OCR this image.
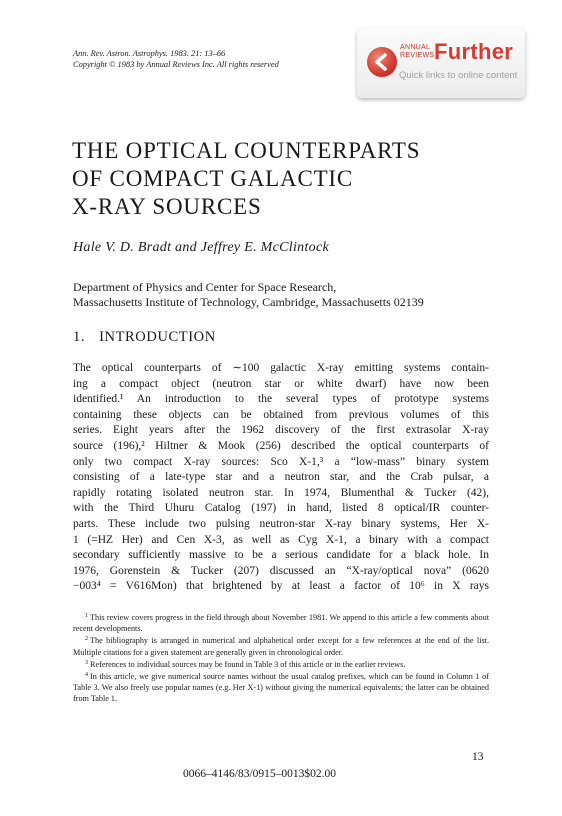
Ann. Rev. Astron. Astrophys. 1983. 21: 13–66
Copyright © 1983 by Annual Reviews Inc. All rights reserved
ANNUAL
REVIEWS Further
Quick links to online content
THE OPTICAL COUNTERPARTS
OF COMPACT GALACTIC
X-RAY SOURCES
Hale V. D. Bradt and Jeffrey E. McClintock
Department of Physics and Center for Space Research,
Massachusetts Institute of Technology, Cambridge, Massachusetts 02139
1. INTRODUCTION

The optical counterparts of ∼100 galactic X-ray emitting systems contain-

ing a compact object (neutron star or white dwarf) have now been

identified.¹ An introduction to the several types of prototype systems

containing these objects can be obtained from previous volumes of this

series. Eight years after the 1962 discovery of the first extrasolar X-ray

source (196),² Hiltner & Mook (256) described the optical counterparts of

only two compact X-ray sources: Sco X-1,³ a “low-mass” binary system

consisting of a late-type star and a neutron star, and the Crab pulsar, a

rapidly rotating isolated neutron star. In 1974, Blumenthal & Tucker (42),

with the Third Uhuru Catalog (197) in hand, listed 8 optical/IR counter-

parts. These include two pulsing neutron-star X-ray binary systems, Her X-

1 (=HZ Her) and Cen X-3, as well as Cyg X-1, a binary with a compact

secondary sufficiently massive to be a serious candidate for a black hole. In

1976, Gorenstein & Tucker (207) discussed an “X-ray/optical nova” (0620

−003⁴ = V616Mon) that brightened by at least a factor of 10⁶ in X rays

$^1$ This review covers progress in the field through about November 1981. We append to this article a few comments about recent developments.

$^2$ The bibliography is arranged in numerical and alphabetical order except for a few references at the end of the list. Multiple citations for a given statement are generally given in chronological order.

$^3$ References to individual sources may be found in Table 3 of this article or in the earlier reviews.

$^4$ In this article, we give numerical source names without the usual catalog prefixes, which can be found in Column 1 of Table 3. We also freely use popular names (e.g. Her X-1) without giving the numerical equivalents; the latter can be obtained from Table 1.

13
0066–4146/83/0915–0013$02.00
